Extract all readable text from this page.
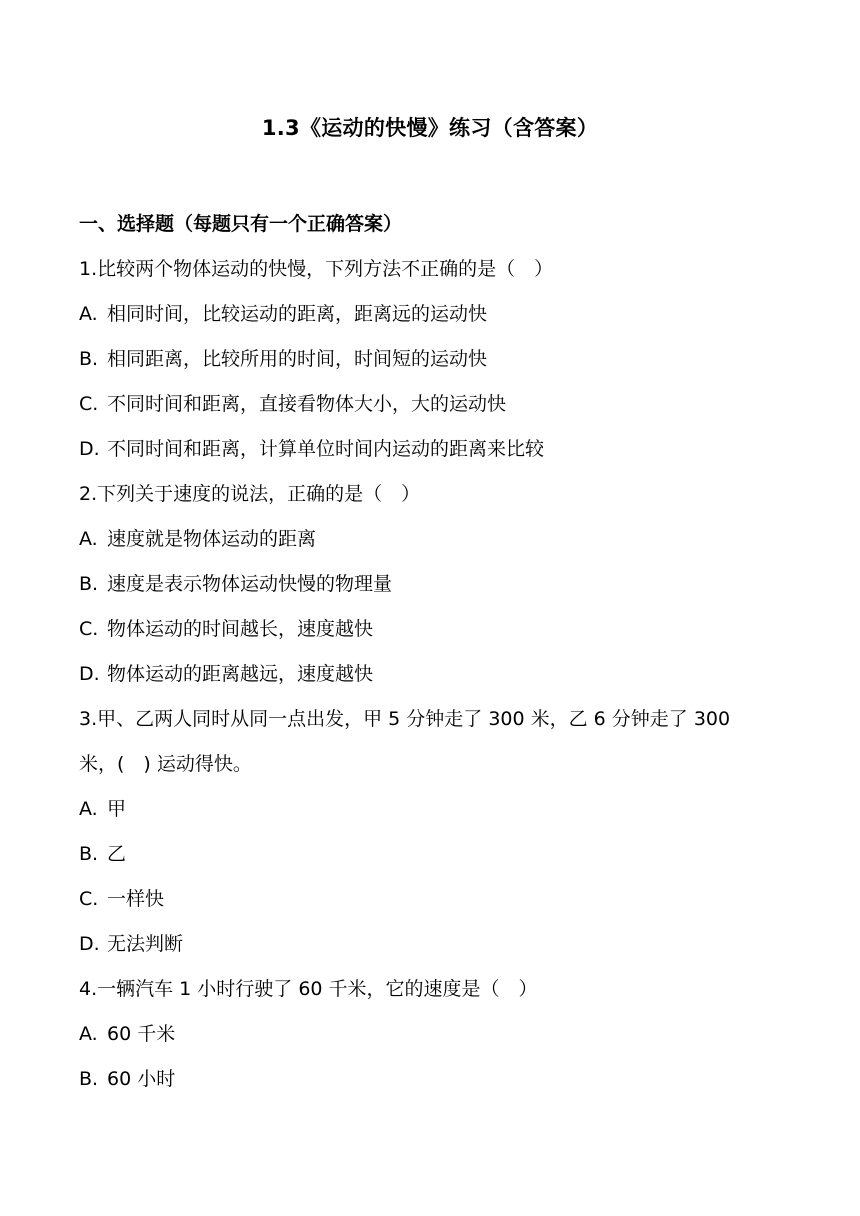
1.3《运动的快慢》练习（含答案）

一、选择题（每题只有一个正确答案）

1.比较两个物体运动的快慢，下列方法不正确的是（　）

A. 相同时间，比较运动的距离，距离远的运动快

B. 相同距离，比较所用的时间，时间短的运动快

C. 不同时间和距离，直接看物体大小，大的运动快

D. 不同时间和距离，计算单位时间内运动的距离来比较

2.下列关于速度的说法，正确的是（　）

A. 速度就是物体运动的距离

B. 速度是表示物体运动快慢的物理量

C. 物体运动的时间越长，速度越快

D. 物体运动的距离越远，速度越快

3.甲、乙两人同时从同一点出发，甲 5 分钟走了 300 米，乙 6 分钟走了 300

米，(　) 运动得快。

A. 甲

B. 乙

C. 一样快

D. 无法判断

4.一辆汽车 1 小时行驶了 60 千米，它的速度是（　）

A. 60 千米

B. 60 小时
